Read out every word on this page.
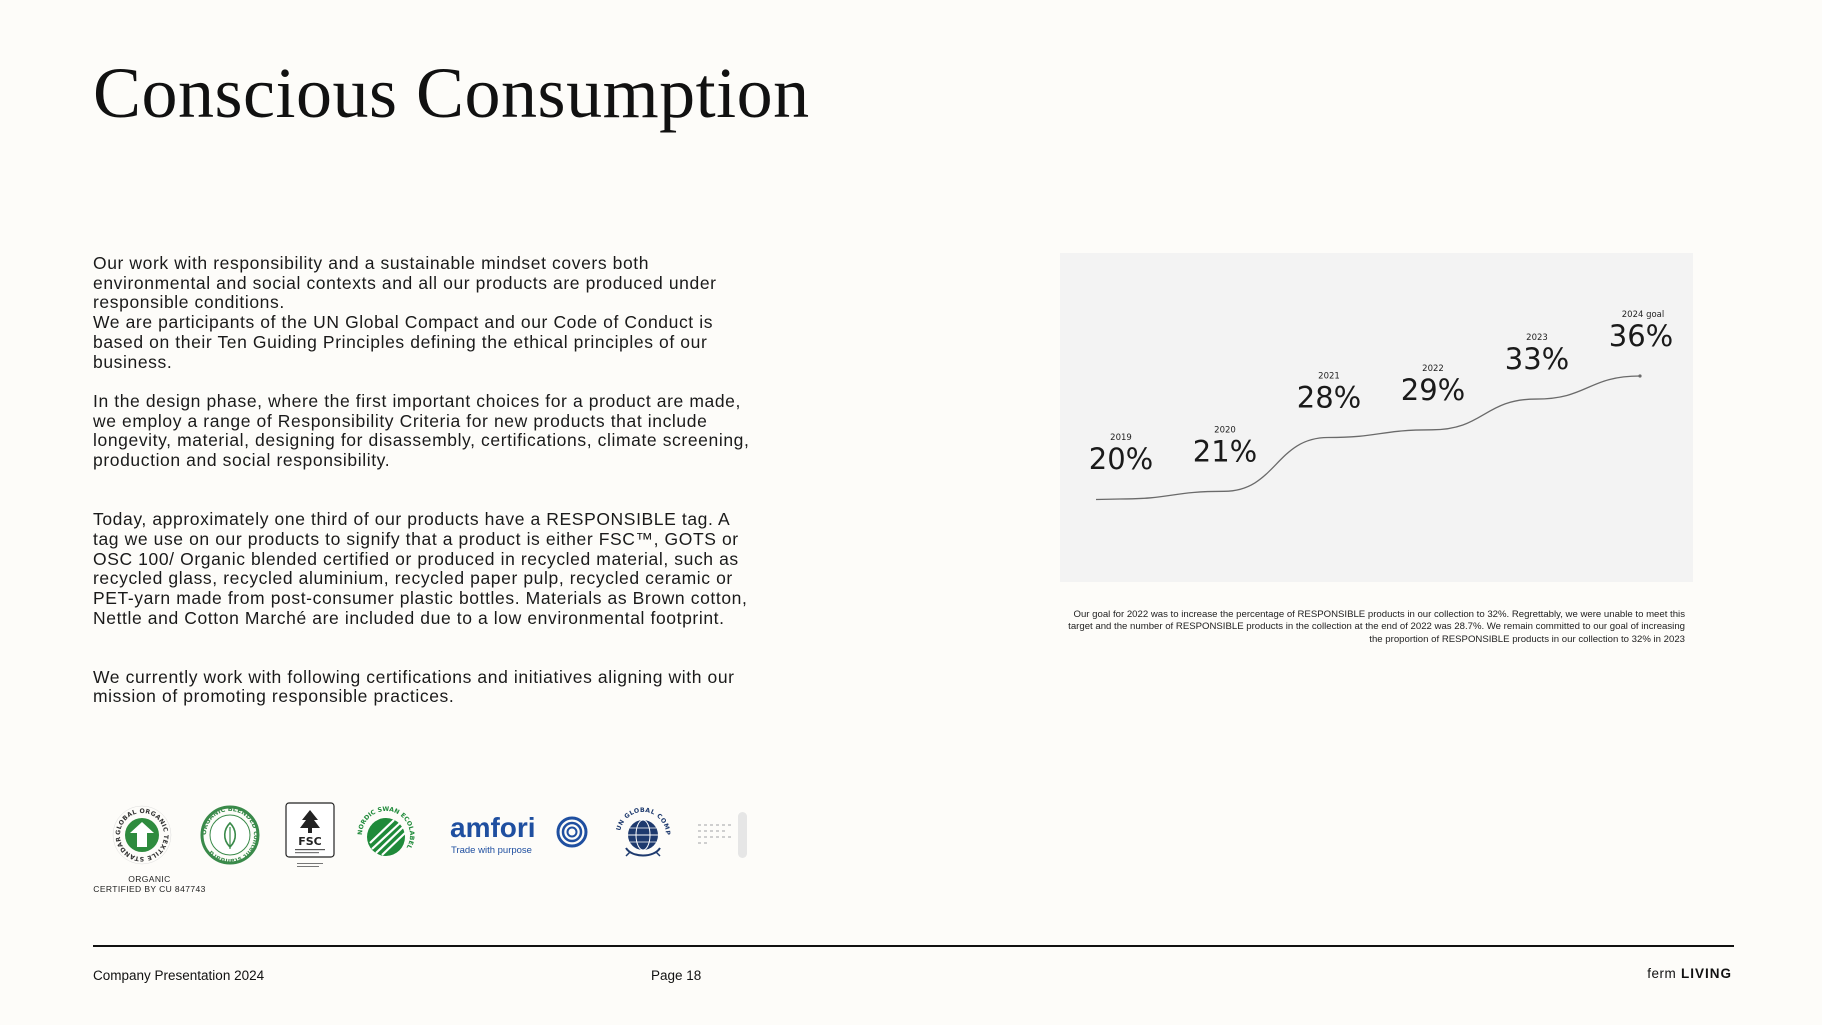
Conscious Consumption

Our work with responsibility and a sustainable mindset covers both environmental and social contexts and all our products are produced under responsible conditions.

We are participants of the UN Global Compact and our Code of Conduct is based on their Ten Guiding Principles defining the ethical principles of our business.

In the design phase, where the first important choices for a product are made, we employ a range of Responsibility Criteria for new products that include longevity, material, designing for disassembly, certifications, climate screening, production and social responsibility.

Today, approximately one third of our products have a RESPONSIBLE tag. A tag we use on our products to signify that a product is either FSC™, GOTS or OSC 100/ Organic blended certified or produced in recycled material, such as recycled glass, recycled aluminium, recycled paper pulp, recycled ceramic or PET-yarn made from post-consumer plastic bottles. Materials as Brown cotton, Nettle and Cotton Marché are included due to a low environmental footprint.

We currently work with following certifications and initiatives aligning with our mission of promoting responsible practices.

20%
2019 21%
2020
28%
2021 29%
2022 33%
2023 36%
2024 goal
Our goal for 2022 was to increase the percentage of RESPONSIBLE products in our collection to 32%. Regrettably, we were unable to meet this target and the number of RESPONSIBLE products in the collection at the end of 2022 was 28.7%. We remain committed to our goal of increasing the proportion of RESPONSIBLE products in our collection to 32% in 2023
GLOBAL ORGANIC TEXTILE STANDAR
ORGANIC
CERTIFIED BY CU 847743
ORGANIC BLENDED content standard
FSC
NORDIC SWAN ECOLABEL
amfori
Trade with purpose
UN GLOBAL COMP
Company Presentation 2024	Page 18	ferm LIVING
